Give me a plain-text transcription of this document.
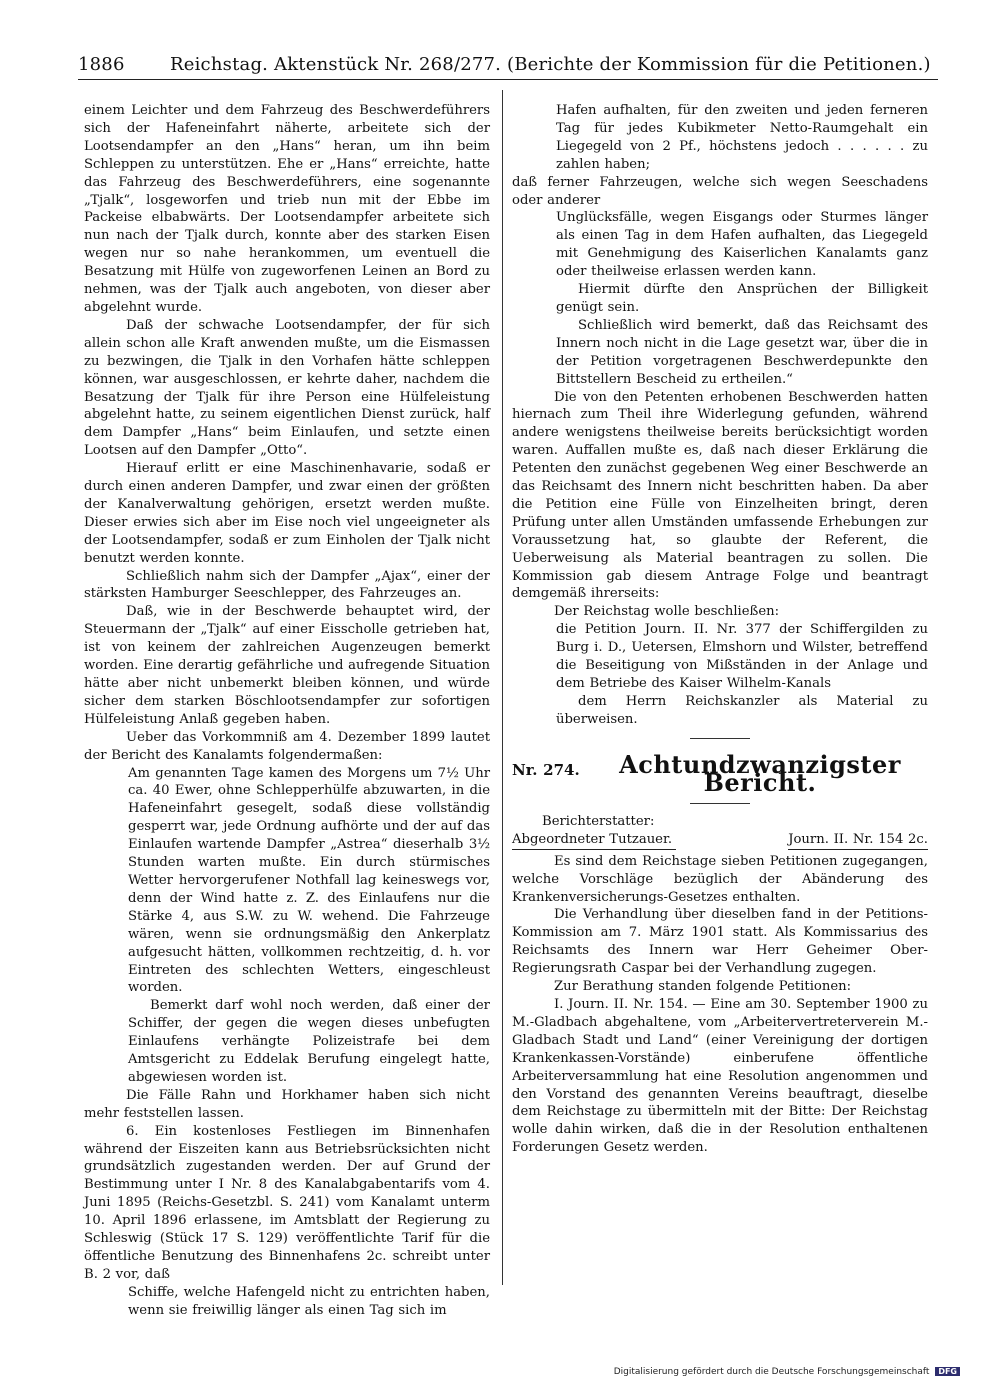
1886	Reichstag. Aktenstück Nr. 268/277. (Berichte der Kommission für die Petitionen.)

einem Leichter und dem Fahrzeug des Beschwerdeführers sich der Hafeneinfahrt näherte, arbeitete sich der Lootsendampfer an den „Hans“ heran, um ihn beim Schleppen zu unterstützen. Ehe er „Hans“ erreichte, hatte das Fahrzeug des Beschwerdeführers, eine sogenannte „Tjalk“, losgeworfen und trieb nun mit der Ebbe im Packeise elbabwärts. Der Lootsendampfer arbeitete sich nun nach der Tjalk durch, konnte aber des starken Eisen wegen nur so nahe herankommen, um eventuell die Besatzung mit Hülfe von zugeworfenen Leinen an Bord zu nehmen, was der Tjalk auch angeboten, von dieser aber abgelehnt wurde.

Daß der schwache Lootsendampfer, der für sich allein schon alle Kraft anwenden mußte, um die Eismassen zu bezwingen, die Tjalk in den Vorhafen hätte schleppen können, war ausgeschlossen, er kehrte daher, nachdem die Besatzung der Tjalk für ihre Person eine Hülfeleistung abgelehnt hatte, zu seinem eigentlichen Dienst zurück, half dem Dampfer „Hans“ beim Einlaufen, und setzte einen Lootsen auf den Dampfer „Otto“.

Hierauf erlitt er eine Maschinenhavarie, sodaß er durch einen anderen Dampfer, und zwar einen der größten der Kanalverwaltung gehörigen, ersetzt werden mußte. Dieser erwies sich aber im Eise noch viel ungeeigneter als der Lootsendampfer, sodaß er zum Einholen der Tjalk nicht benutzt werden konnte.

Schließlich nahm sich der Dampfer „Ajax“, einer der stärksten Hamburger Seeschlepper, des Fahrzeuges an.

Daß, wie in der Beschwerde behauptet wird, der Steuermann der „Tjalk“ auf einer Eisscholle getrieben hat, ist von keinem der zahlreichen Augenzeugen bemerkt worden. Eine derartig gefährliche und aufregende Situation hätte aber nicht unbemerkt bleiben können, und würde sicher dem starken Böschlootsendampfer zur sofortigen Hülfeleistung Anlaß gegeben haben.

Ueber das Vorkommniß am 4. Dezember 1899 lautet der Bericht des Kanalamts folgendermaßen:

Am genannten Tage kamen des Morgens um 7½ Uhr ca. 40 Ewer, ohne Schlepperhülfe abzuwarten, in die Hafeneinfahrt gesegelt, sodaß diese vollständig gesperrt war, jede Ordnung aufhörte und der auf das Einlaufen wartende Dampfer „Astrea“ dieserhalb 3½ Stunden warten mußte. Ein durch stürmisches Wetter hervorgerufener Nothfall lag keineswegs vor, denn der Wind hatte z. Z. des Einlaufens nur die Stärke 4, aus S.W. zu W. wehend. Die Fahrzeuge wären, wenn sie ordnungsmäßig den Ankerplatz aufgesucht hätten, vollkommen rechtzeitig, d. h. vor Eintreten des schlechten Wetters, eingeschleust worden.

Bemerkt darf wohl noch werden, daß einer der Schiffer, der gegen die wegen dieses unbefugten Einlaufens verhängte Polizeistrafe bei dem Amtsgericht zu Eddelak Berufung eingelegt hatte, abgewiesen worden ist.

Die Fälle Rahn und Horkhamer haben sich nicht mehr feststellen lassen.

6. Ein kostenloses Festliegen im Binnenhafen während der Eiszeiten kann aus Betriebsrücksichten nicht grundsätzlich zugestanden werden. Der auf Grund der Bestimmung unter I Nr. 8 des Kanalabgabentarifs vom 4. Juni 1895 (Reichs-Gesetzbl. S. 241) vom Kanalamt unterm 10. April 1896 erlassene, im Amtsblatt der Regierung zu Schleswig (Stück 17 S. 129) veröffentlichte Tarif für die öffentliche Benutzung des Binnenhafens 2c. schreibt unter B. 2 vor, daß

Schiffe, welche Hafengeld nicht zu entrichten haben, wenn sie freiwillig länger als einen Tag sich im

Hafen aufhalten, für den zweiten und jeden ferneren Tag für jedes Kubikmeter Netto-Raumgehalt ein Liegegeld von 2 Pf., höchstens jedoch . . . . . . zu zahlen haben;

daß ferner Fahrzeugen, welche sich wegen Seeschadens oder anderer

Unglücksfälle, wegen Eisgangs oder Sturmes länger als einen Tag in dem Hafen aufhalten, das Liegegeld mit Genehmigung des Kaiserlichen Kanalamts ganz oder theilweise erlassen werden kann.

Hiermit dürfte den Ansprüchen der Billigkeit genügt sein.

Schließlich wird bemerkt, daß das Reichsamt des Innern noch nicht in die Lage gesetzt war, über die in der Petition vorgetragenen Beschwerdepunkte den Bittstellern Bescheid zu ertheilen.“

Die von den Petenten erhobenen Beschwerden hatten hiernach zum Theil ihre Widerlegung gefunden, während andere wenigstens theilweise bereits berücksichtigt worden waren. Auffallen mußte es, daß nach dieser Erklärung die Petenten den zunächst gegebenen Weg einer Beschwerde an das Reichsamt des Innern nicht beschritten haben. Da aber die Petition eine Fülle von Einzelheiten bringt, deren Prüfung unter allen Umständen umfassende Erhebungen zur Voraussetzung hat, so glaubte der Referent, die Ueberweisung als Material beantragen zu sollen. Die Kommission gab diesem Antrage Folge und beantragt demgemäß ihrerseits:

Der Reichstag wolle beschließen:

die Petition Journ. II. Nr. 377 der Schiffergilden zu Burg i. D., Uetersen, Elmshorn und Wilster, betreffend die Beseitigung von Mißständen in der Anlage und dem Betriebe des Kaiser Wilhelm-Kanals

dem Herrn Reichskanzler als Material zu überweisen.

Nr. 274.	Achtundzwanzigster Bericht.
Berichterstatter:
Abgeordneter Tutzauer.	Journ. II. Nr. 154 2c.

Es sind dem Reichstage sieben Petitionen zugegangen, welche Vorschläge bezüglich der Abänderung des Krankenversicherungs-Gesetzes enthalten.

Die Verhandlung über dieselben fand in der Petitions-Kommission am 7. März 1901 statt. Als Kommissarius des Reichsamts des Innern war Herr Geheimer Ober-Regierungsrath Caspar bei der Verhandlung zugegen.

Zur Berathung standen folgende Petitionen:

I. Journ. II. Nr. 154. — Eine am 30. September 1900 zu M.-Gladbach abgehaltene, vom „Arbeitervertreterverein M.-Gladbach Stadt und Land“ (einer Vereinigung der dortigen Krankenkassen-Vorstände) einberufene öffentliche Arbeiterversammlung hat eine Resolution angenommen und den Vorstand des genannten Vereins beauftragt, dieselbe dem Reichstage zu übermitteln mit der Bitte: Der Reichstag wolle dahin wirken, daß die in der Resolution enthaltenen Forderungen Gesetz werden.

Digitalisierung gefördert durch die Deutsche Forschungsgemeinschaft DFG
